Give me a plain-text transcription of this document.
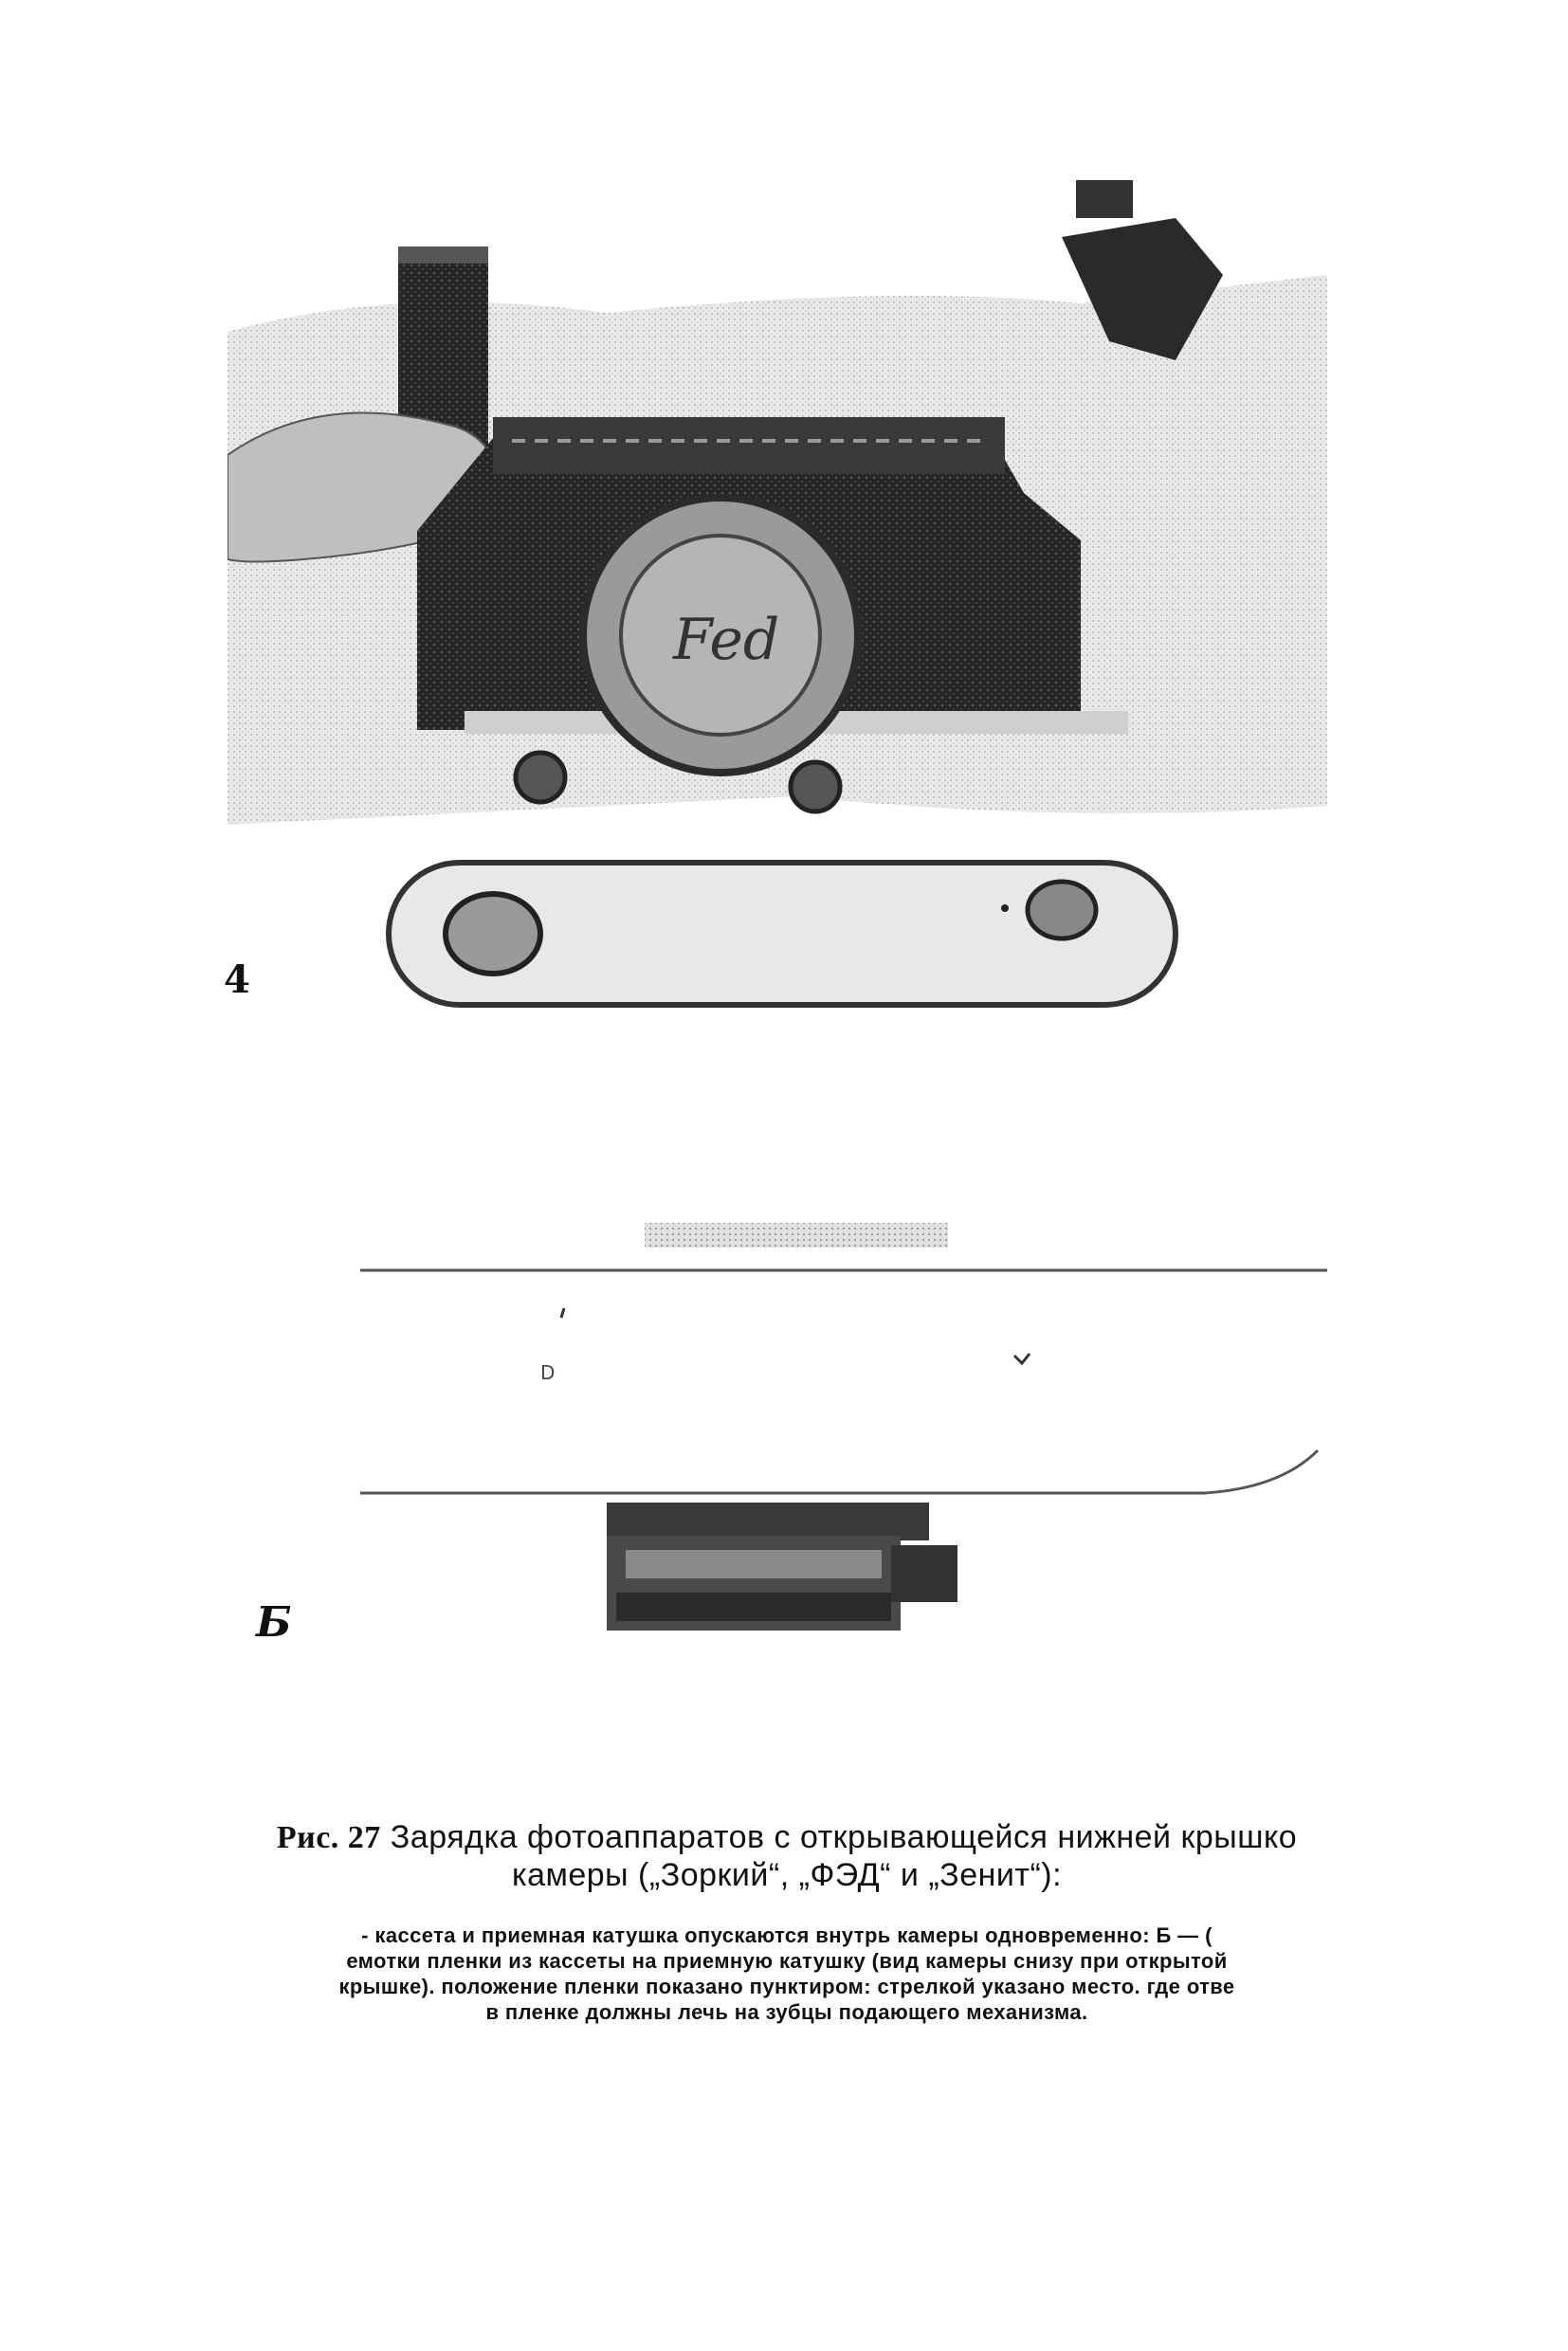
Fed
4
D
Б
Рис. 27 Зарядка фотоаппаратов с открывающейся нижней крышко
камеры („Зоркий“, „ФЭД“ и „Зенит“):
- кассета и приемная катушка опускаются внутрь камеры одновременно: Б — (
емотки пленки из кассеты на приемную катушку (вид камеры снизу при открытой
крышке). положение пленки показано пунктиром: стрелкой указано место. где отве
в пленке должны лечь на зубцы подающего механизма.
